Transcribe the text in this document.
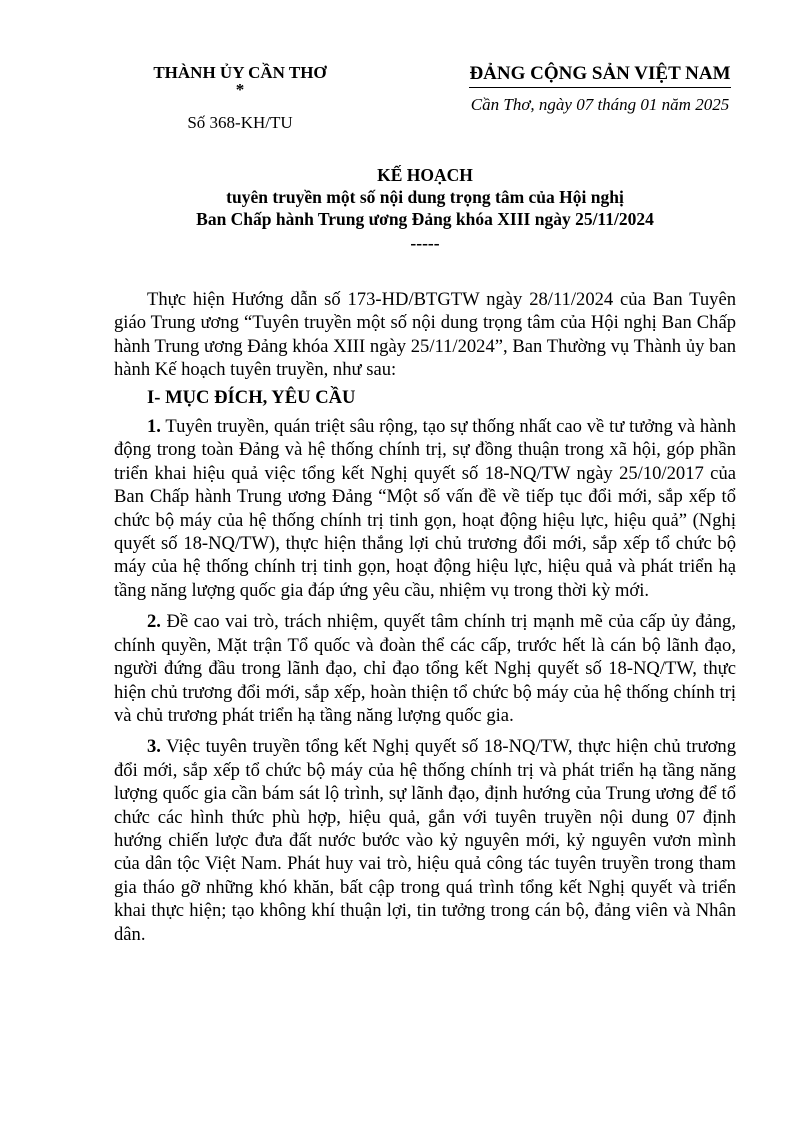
THÀNH ỦY CẦN THƠ
*
Số 368-KH/TU
ĐẢNG CỘNG SẢN VIỆT NAM
Cần Thơ, ngày 07 tháng 01 năm 2025
KẾ HOẠCH
tuyên truyền một số nội dung trọng tâm của Hội nghị
Ban Chấp hành Trung ương Đảng khóa XIII ngày 25/11/2024
-----

Thực hiện Hướng dẫn số 173-HD/BTGTW ngày 28/11/2024 của Ban Tuyên giáo Trung ương “Tuyên truyền một số nội dung trọng tâm của Hội nghị Ban Chấp hành Trung ương Đảng khóa XIII ngày 25/11/2024”, Ban Thường vụ Thành ủy ban hành Kế hoạch tuyên truyền, như sau:

I- MỤC ĐÍCH, YÊU CẦU

1. Tuyên truyền, quán triệt sâu rộng, tạo sự thống nhất cao về tư tưởng và hành động trong toàn Đảng và hệ thống chính trị, sự đồng thuận trong xã hội, góp phần triển khai hiệu quả việc tổng kết Nghị quyết số 18-NQ/TW ngày 25/10/2017 của Ban Chấp hành Trung ương Đảng “Một số vấn đề về tiếp tục đổi mới, sắp xếp tổ chức bộ máy của hệ thống chính trị tinh gọn, hoạt động hiệu lực, hiệu quả” (Nghị quyết số 18-NQ/TW), thực hiện thắng lợi chủ trương đổi mới, sắp xếp tổ chức bộ máy của hệ thống chính trị tinh gọn, hoạt động hiệu lực, hiệu quả và phát triển hạ tầng năng lượng quốc gia đáp ứng yêu cầu, nhiệm vụ trong thời kỳ mới.

2. Đề cao vai trò, trách nhiệm, quyết tâm chính trị mạnh mẽ của cấp ủy đảng, chính quyền, Mặt trận Tổ quốc và đoàn thể các cấp, trước hết là cán bộ lãnh đạo, người đứng đầu trong lãnh đạo, chỉ đạo tổng kết Nghị quyết số 18-NQ/TW, thực hiện chủ trương đổi mới, sắp xếp, hoàn thiện tổ chức bộ máy của hệ thống chính trị và chủ trương phát triển hạ tầng năng lượng quốc gia.

3. Việc tuyên truyền tổng kết Nghị quyết số 18-NQ/TW, thực hiện chủ trương đổi mới, sắp xếp tổ chức bộ máy của hệ thống chính trị và phát triển hạ tầng năng lượng quốc gia cần bám sát lộ trình, sự lãnh đạo, định hướng của Trung ương để tổ chức các hình thức phù hợp, hiệu quả, gắn với tuyên truyền nội dung 07 định hướng chiến lược đưa đất nước bước vào kỷ nguyên mới, kỷ nguyên vươn mình của dân tộc Việt Nam. Phát huy vai trò, hiệu quả công tác tuyên truyền trong tham gia tháo gỡ những khó khăn, bất cập trong quá trình tổng kết Nghị quyết và triển khai thực hiện; tạo không khí thuận lợi, tin tưởng trong cán bộ, đảng viên và Nhân dân.
